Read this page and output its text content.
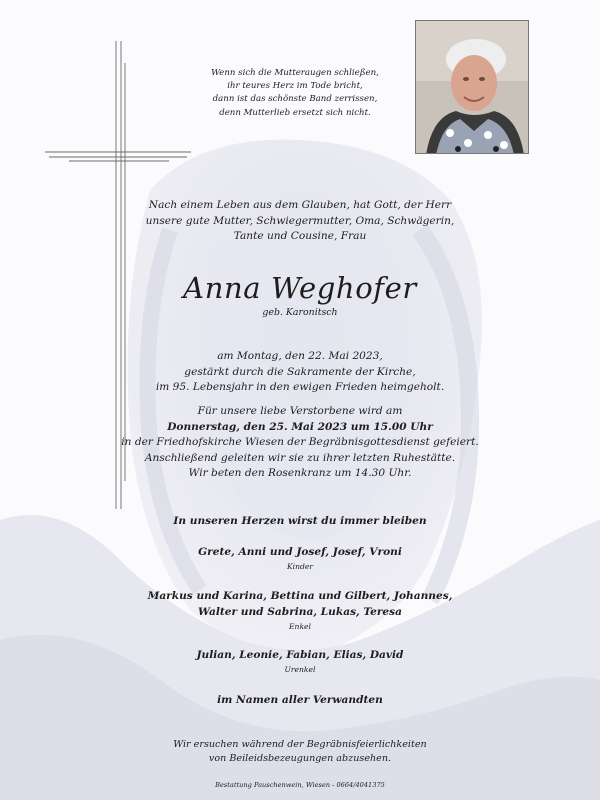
Wenn sich die Mutteraugen schließen,
ihr teures Herz im Tode bricht,
dann ist das schönste Band zerrissen,
denn Mutterlieb ersetzt sich nicht.
Nach einem Leben aus dem Glauben, hat Gott, der Herr
unsere gute Mutter, Schwiegermutter, Oma, Schwägerin,
Tante und Cousine, Frau
Anna Weghofer
geb. Karonitsch
am Montag, den 22. Mai 2023,
gestärkt durch die Sakramente der Kirche,
im 95. Lebensjahr in den ewigen Frieden heimgeholt.
Für unsere liebe Verstorbene wird am
Donnerstag, den 25. Mai 2023 um 15.00 Uhr
in der Friedhofskirche Wiesen der Begräbnisgottesdienst gefeiert.
Anschließend geleiten wir sie zu ihrer letzten Ruhestätte.
Wir beten den Rosenkranz um 14.30 Uhr.
In unseren Herzen wirst du immer bleiben
Grete, Anni und Josef, Josef, Vroni
Kinder
Markus und Karina, Bettina und Gilbert, Johannes,
Walter und Sabrina, Lukas, Teresa
Enkel
Julian, Leonie, Fabian, Elias, David
Urenkel
im Namen aller Verwandten
Wir ersuchen während der Begräbnisfeierlichkeiten
von Beileidsbezeugungen abzusehen.
Bestattung Pauschenwein, Wiesen - 0664/4041375
